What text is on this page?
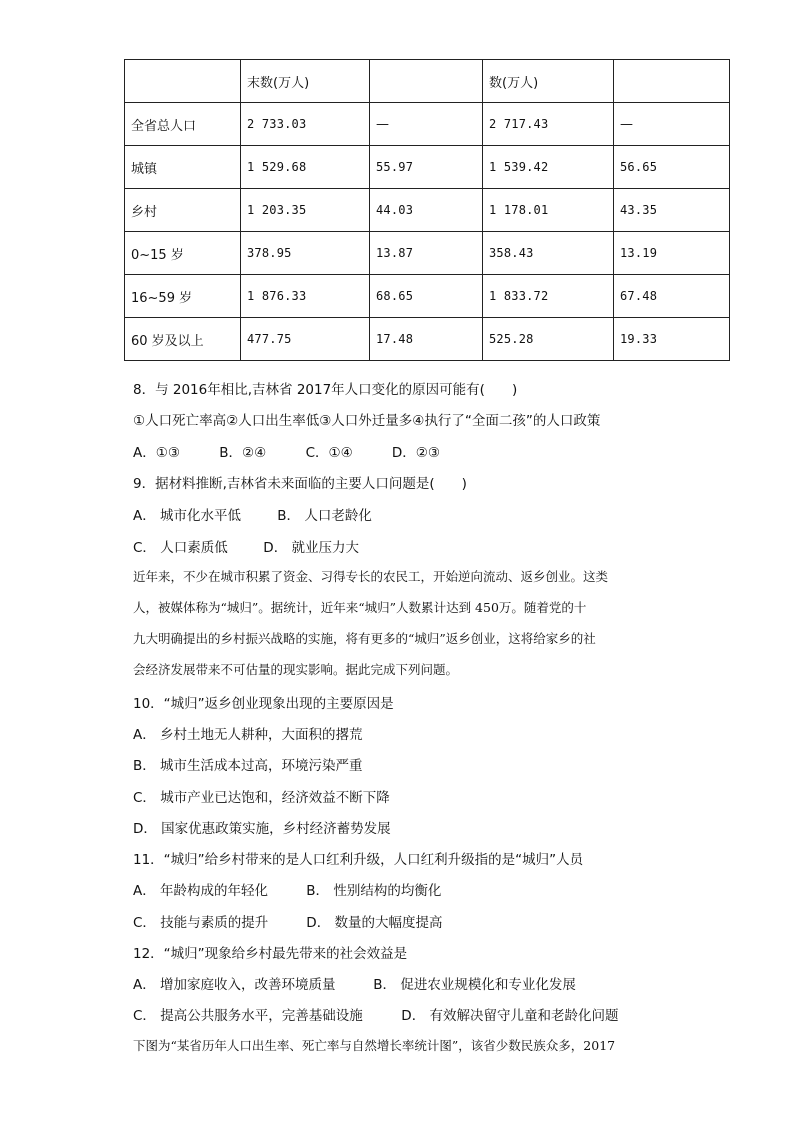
	末数(万人)		数(万人)	
全省总人口	2 733.03	—	2 717.43	—
城镇	1 529.68	55.97	1 539.42	56.65
乡村	1 203.35	44.03	1 178.01	43.35
0~15 岁	378.95	13.87	358.43	13.19
16~59 岁	1 876.33	68.65	1 833.72	67.48
60 岁及以上	477.75	17.48	525.28	19.33
8．与 2016年相比,吉林省 2017年人口变化的原因可能有(　　)
①人口死亡率高②人口出生率低③人口外迁量多④执行了“全面二孩”的人口政策
A．①③	B．②④	C．①④	D．②③
9．据材料推断,吉林省未来面临的主要人口问题是(　　)
A． 城市化水平低	B． 人口老龄化
C． 人口素质低	D． 就业压力大
近年来，不少在城市积累了资金、习得专长的农民工，开始逆向流动、返乡创业。这类
人，被媒体称为“城归”。据统计，近年来“城归”人数累计达到 450万。随着党的十
九大明确提出的乡村振兴战略的实施，将有更多的“城归”返乡创业，这将给家乡的社
会经济发展带来不可估量的现实影响。据此完成下列问题。
10．“城归”返乡创业现象出现的主要原因是
A． 乡村土地无人耕种，大面积的撂荒
B． 城市生活成本过高，环境污染严重
C． 城市产业已达饱和，经济效益不断下降
D． 国家优惠政策实施，乡村经济蓄势发展
11．“城归”给乡村带来的是人口红利升级，人口红利升级指的是“城归”人员
A． 年龄构成的年轻化	B． 性别结构的均衡化
C． 技能与素质的提升	D． 数量的大幅度提高
12．“城归”现象给乡村最先带来的社会效益是
A． 增加家庭收入，改善环境质量	B． 促进农业规模化和专业化发展
C． 提高公共服务水平，完善基础设施	D． 有效解决留守儿童和老龄化问题
下图为“某省历年人口出生率、死亡率与自然增长率统计图”，该省少数民族众多，2017
